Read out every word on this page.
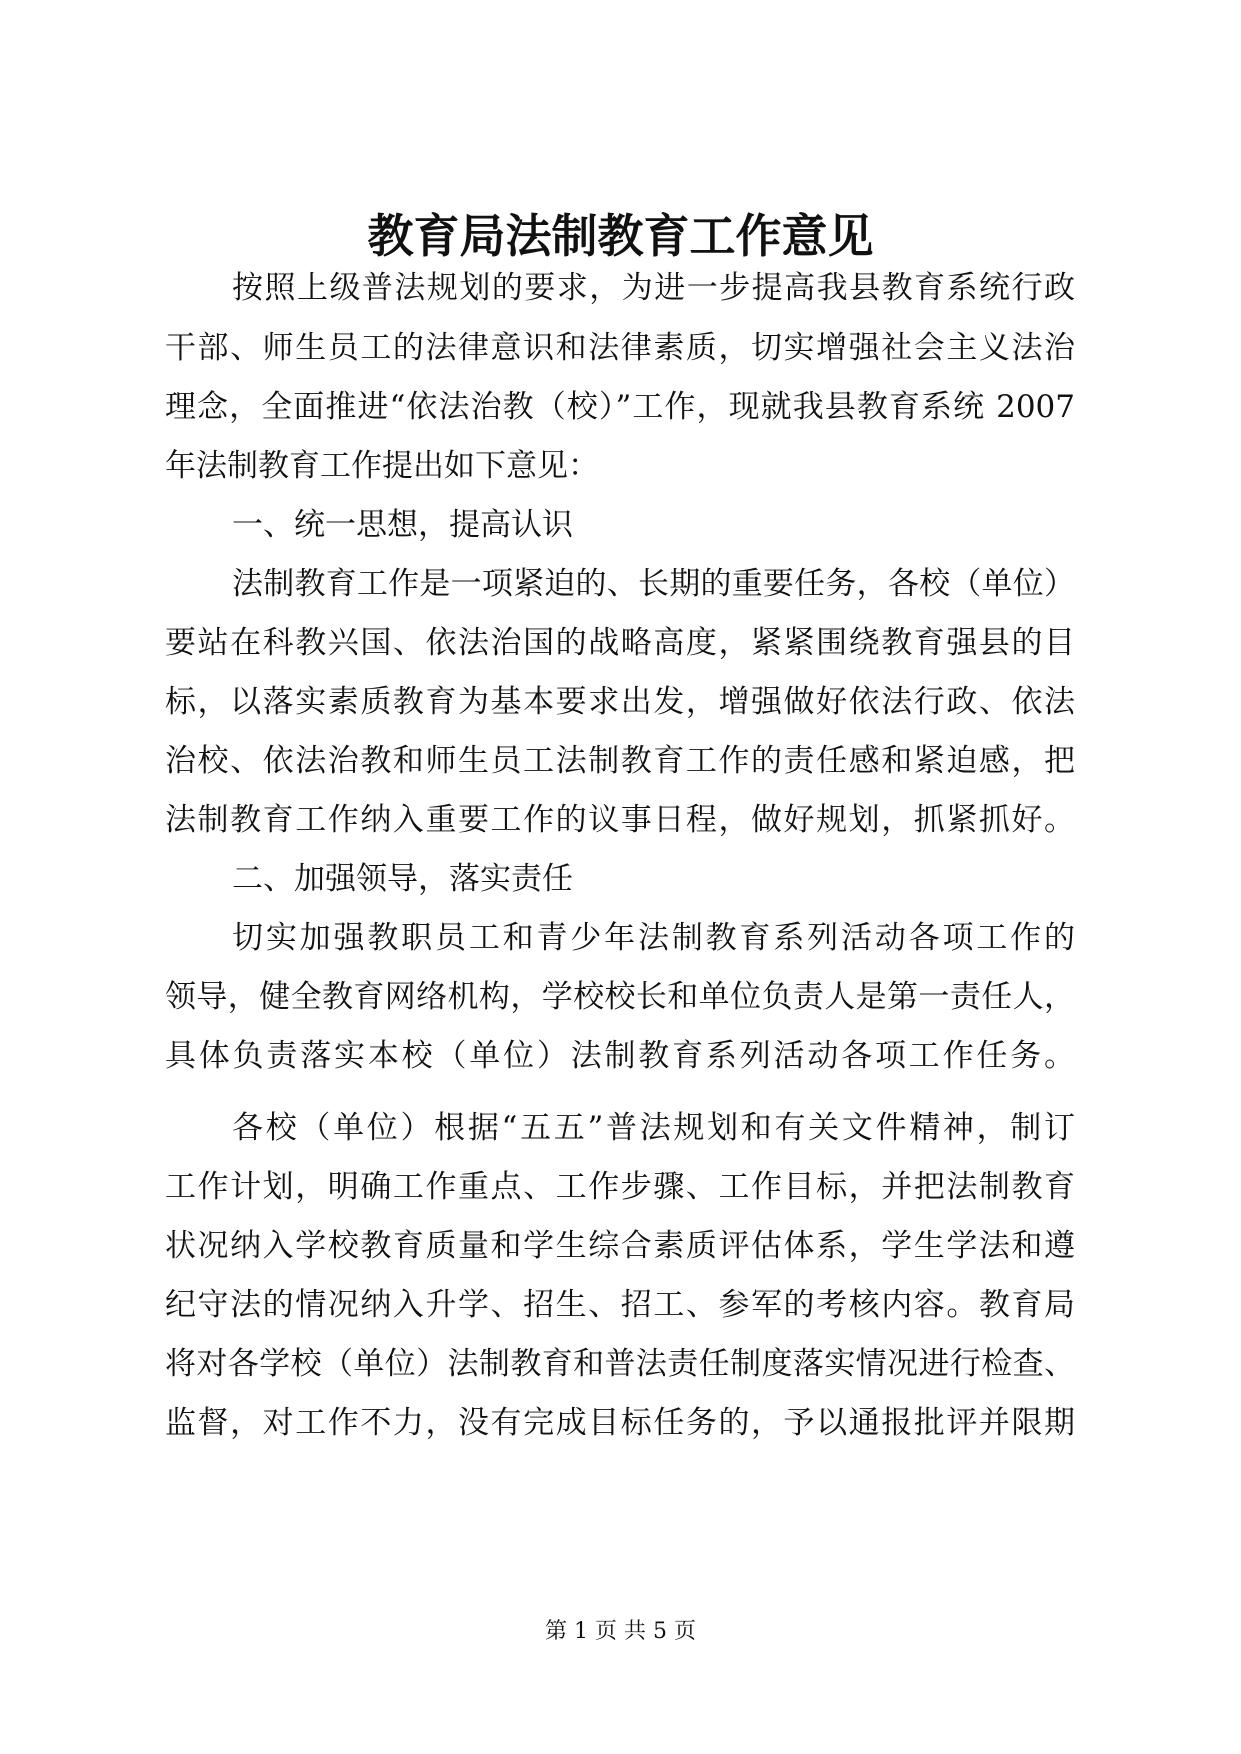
教育局法制教育工作意见
按照上级普法规划的要求，为进一步提高我县教育系统行政
干部、师生员工的法律意识和法律素质，切实增强社会主义法治
理念，全面推进“依法治教（校）”工作，现就我县教育系统 2007
年法制教育工作提出如下意见：
一、统一思想，提高认识
法制教育工作是一项紧迫的、长期的重要任务，各校（单位）
要站在科教兴国、依法治国的战略高度，紧紧围绕教育强县的目
标，以落实素质教育为基本要求出发，增强做好依法行政、依法
治校、依法治教和师生员工法制教育工作的责任感和紧迫感，把
法制教育工作纳入重要工作的议事日程，做好规划，抓紧抓好。
二、加强领导，落实责任
切实加强教职员工和青少年法制教育系列活动各项工作的
领导，健全教育网络机构，学校校长和单位负责人是第一责任人，
具体负责落实本校（单位）法制教育系列活动各项工作任务。
各校（单位）根据“五五”普法规划和有关文件精神，制订
工作计划，明确工作重点、工作步骤、工作目标，并把法制教育
状况纳入学校教育质量和学生综合素质评估体系，学生学法和遵
纪守法的情况纳入升学、招生、招工、参军的考核内容。教育局
将对各学校（单位）法制教育和普法责任制度落实情况进行检查、
监督，对工作不力，没有完成目标任务的，予以通报批评并限期
第 1 页 共 5 页
